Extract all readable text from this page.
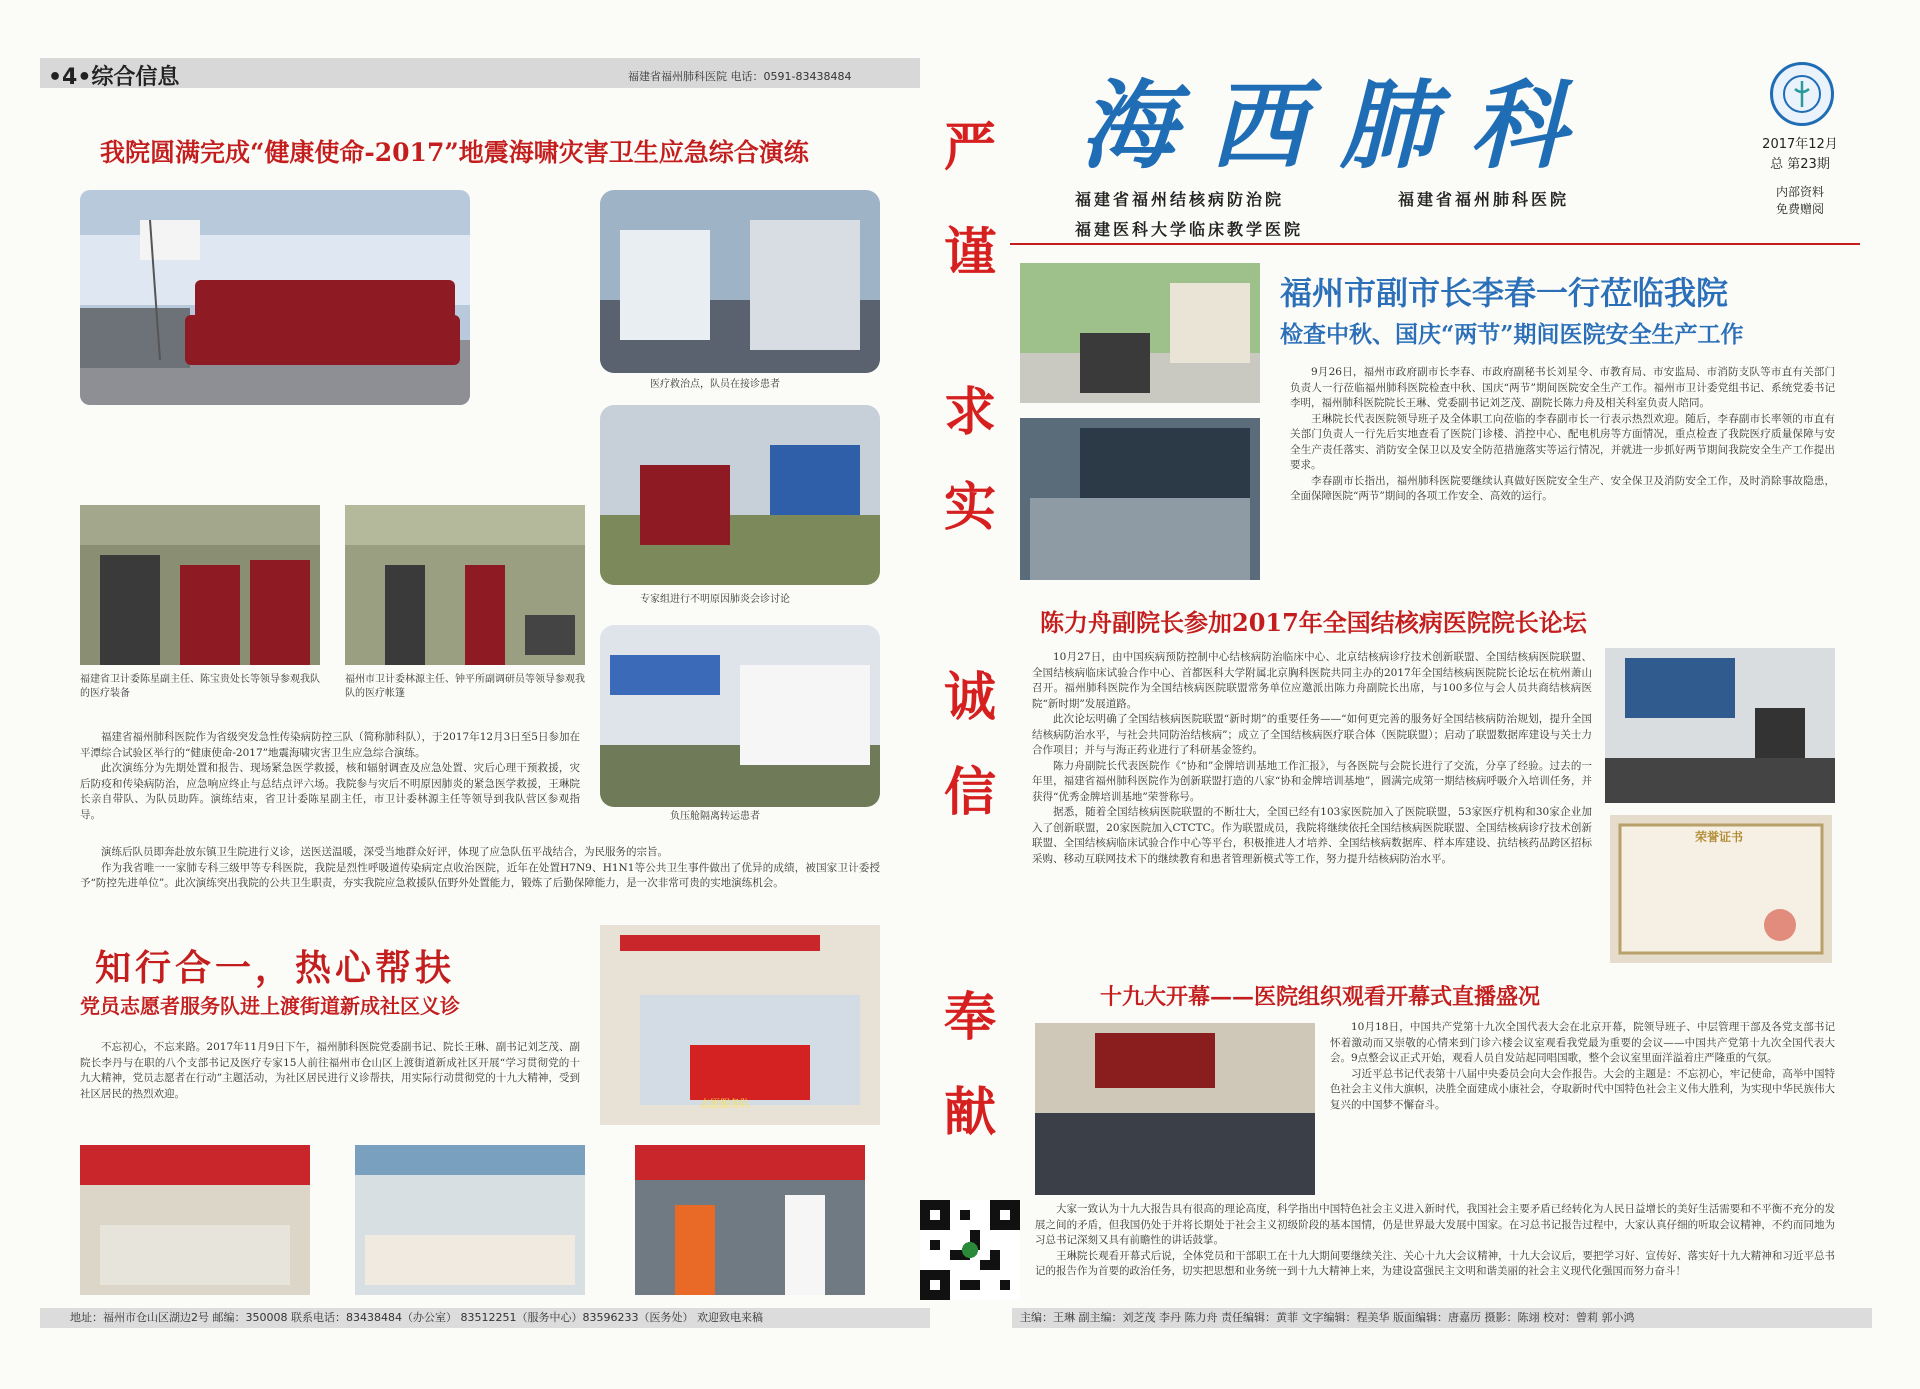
•4•综合信息	福建省福州肺科医院 电话：0591-83438484
我院圆满完成“健康使命-2017”地震海啸灾害卫生应急综合演练
医疗救治点，队员在接诊患者
专家组进行不明原因肺炎会诊讨论
负压舱隔离转运患者
福建省卫计委陈星副主任、陈宝贵处长等领导参观我队的医疗装备
福州市卫计委林源主任、钟平所副调研员等领导参观我队的医疗帐篷

福建省福州肺科医院作为省级突发急性传染病防控三队（简称肺科队），于2017年12月3日至5日参加在平潭综合试验区举行的“健康使命-2017”地震海啸灾害卫生应急综合演练。

此次演练分为先期处置和报告、现场紧急医学救援，核和辐射调查及应急处置、灾后心理干预救援，灾后防疫和传染病防治，应急响应终止与总结点评六场。我院参与灾后不明原因肺炎的紧急医学救援，王琳院长亲自带队、为队员助阵。演练结束，省卫计委陈星副主任，市卫计委林源主任等领导到我队营区参观指导。

演练后队员即奔赴放东镇卫生院进行义诊，送医送温暖，深受当地群众好评，体现了应急队伍平战结合，为民服务的宗旨。

作为我省唯一一家肺专科三级甲等专科医院，我院是烈性呼吸道传染病定点收治医院，近年在处置H7N9、H1N1等公共卫生事件做出了优异的成绩，被国家卫计委授予“防控先进单位”。此次演练突出我院的公共卫生职责，夯实我院应急救援队伍野外处置能力，锻炼了后勤保障能力，是一次非常可贵的实地演练机会。

知行合一，热心帮扶
党员志愿者服务队进上渡街道新成社区义诊

不忘初心，不忘来路。2017年11月9日下午，福州肺科医院党委副书记、院长王琳、副书记刘芝茂、副院长李丹与在职的八个支部书记及医疗专家15人前往福州市仓山区上渡街道新成社区开展“学习贯彻党的十九大精神，党员志愿者在行动”主题活动，为社区居民进行义诊帮扶，用实际行动贯彻党的十九大精神，受到社区居民的热烈欢迎。

志愿服务队
地址：福州市仓山区湖边2号 邮编：350008 联系电话：83438484（办公室） 83512251（服务中心）83596233（医务处） 欢迎致电来稿
严
谨
求
实
诚
信
奉
献
海西肺科	2017年12月
总 第23期
内部资料
免费赠阅
福建省福州结核病防治院	福建省福州肺科医院
福建医科大学临床教学医院
福州市副市长李春一行莅临我院
检查中秋、国庆“两节”期间医院安全生产工作

9月26日，福州市政府副市长李春、市政府副秘书长刘星令、市教育局、市安监局、市消防支队等市直有关部门负责人一行莅临福州肺科医院检查中秋、国庆“两节”期间医院安全生产工作。福州市卫计委党组书记、系统党委书记李明，福州肺科医院院长王琳、党委副书记刘芝茂、副院长陈力舟及相关科室负责人陪同。

王琳院长代表医院领导班子及全体职工向莅临的李春副市长一行表示热烈欢迎。随后，李春副市长率领的市直有关部门负责人一行先后实地查看了医院门诊楼、消控中心、配电机房等方面情况，重点检查了我院医疗质量保障与安全生产责任落实、消防安全保卫以及安全防范措施落实等运行情况，并就进一步抓好两节期间我院安全生产工作提出要求。

李春副市长指出，福州肺科医院要继续认真做好医院安全生产、安全保卫及消防安全工作，及时消除事故隐患，全面保障医院“两节”期间的各项工作安全、高效的运行。

陈力舟副院长参加2017年全国结核病医院院长论坛

10月27日，由中国疾病预防控制中心结核病防治临床中心、北京结核病诊疗技术创新联盟、全国结核病医院联盟、全国结核病临床试验合作中心、首都医科大学附属北京胸科医院共同主办的2017年全国结核病医院院长论坛在杭州萧山召开。福州肺科医院作为全国结核病医院联盟常务单位应邀派出陈力舟副院长出席，与100多位与会人员共商结核病医院“新时期”发展道路。

此次论坛明确了全国结核病医院联盟“新时期”的重要任务——“如何更完善的服务好全国结核病防治规划，提升全国结核病防治水平，与社会共同防治结核病”；成立了全国结核病医疗联合体（医院联盟）；启动了联盟数据库建设与关士力合作项目；并与与海正药业进行了科研基金签约。

陈力舟副院长代表医院作《“协和”金牌培训基地工作汇报》，与各医院与会院长进行了交流，分享了经验。过去的一年里，福建省福州肺科医院作为创新联盟打造的八家“协和金牌培训基地”，圆满完成第一期结核病呼吸介入培训任务，并获得“优秀金牌培训基地”荣誉称号。

据悉，随着全国结核病医院联盟的不断壮大，全国已经有103家医院加入了医院联盟，53家医疗机构和30家企业加入了创新联盟，20家医院加入CTCTC。作为联盟成员，我院将继续依托全国结核病医院联盟、全国结核病诊疗技术创新联盟、全国结核病临床试验合作中心等平台，积极推进人才培养、全国结核病数据库、样本库建设、抗结核药品跨区招标采购、移动互联网技术下的继续教育和患者管理新模式等工作，努力提升结核病防治水平。

荣誉证书
十九大开幕——医院组织观看开幕式直播盛况

10月18日，中国共产党第十九次全国代表大会在北京开幕，院领导班子、中层管理干部及各党支部书记怀着激动而又崇敬的心情来到门诊六楼会议室观看我党最为重要的会议——中国共产党第十九次全国代表大会。9点整会议正式开始，观看人员自发站起同唱国歌，整个会议室里面洋溢着庄严隆重的气氛。

习近平总书记代表第十八届中央委员会向大会作报告。大会的主题是：不忘初心，牢记使命，高举中国特色社会主义伟大旗帜，决胜全面建成小康社会，夺取新时代中国特色社会主义伟大胜利，为实现中华民族伟大复兴的中国梦不懈奋斗。

大家一致认为十九大报告具有很高的理论高度，科学指出中国特色社会主义进入新时代，我国社会主要矛盾已经转化为人民日益增长的美好生活需要和不平衡不充分的发展之间的矛盾，但我国仍处于并将长期处于社会主义初级阶段的基本国情，仍是世界最大发展中国家。在习总书记报告过程中，大家认真仔细的听取会议精神，不约而同地为习总书记深刻又具有前瞻性的讲话鼓掌。

王琳院长观看开幕式后说，全体党员和干部职工在十九大期间要继续关注、关心十九大会议精神，十九大会议后，要把学习好、宣传好、落实好十九大精神和习近平总书记的报告作为首要的政治任务，切实把思想和业务统一到十九大精神上来，为建设富强民主文明和谐美丽的社会主义现代化强国而努力奋斗！

主编：王琳 副主编：刘芝茂 李丹 陈力舟 责任编辑：黄菲 文字编辑：程美华 版面编辑：唐嘉历 摄影：陈翊 校对：曾莉 郭小鸿
